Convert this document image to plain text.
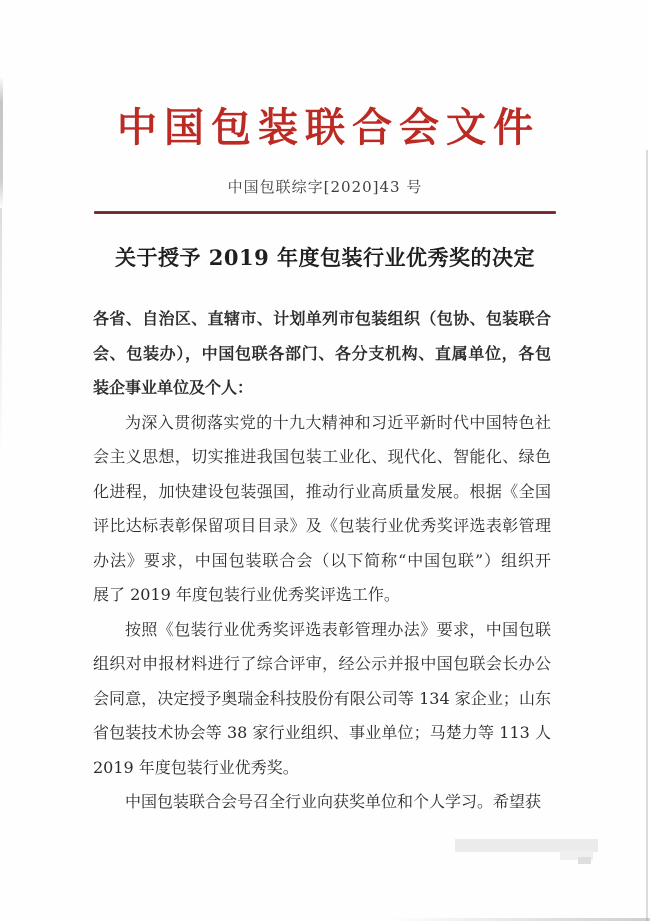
中国包装联合会文件
中国包联综字[2020]43 号
关于授予 2019 年度包装行业优秀奖的决定
各省、自治区、直辖市、计划单列市包装组织（包协、包装联合
会、包装办），中国包联各部门、各分支机构、直属单位，各包
装企事业单位及个人：
为深入贯彻落实党的十九大精神和习近平新时代中国特色社
会主义思想，切实推进我国包装工业化、现代化、智能化、绿色
化进程，加快建设包装强国，推动行业高质量发展。根据《全国
评比达标表彰保留项目目录》及《包装行业优秀奖评选表彰管理
办法》要求，中国包装联合会（以下简称“中国包联”）组织开
展了 2019 年度包装行业优秀奖评选工作。
按照《包装行业优秀奖评选表彰管理办法》要求，中国包联
组织对申报材料进行了综合评审，经公示并报中国包联会长办公
会同意，决定授予奥瑞金科技股份有限公司等 134 家企业；山东
省包装技术协会等 38 家行业组织、事业单位；马楚力等 113 人
2019 年度包装行业优秀奖。
中国包装联合会号召全行业向获奖单位和个人学习。希望获
